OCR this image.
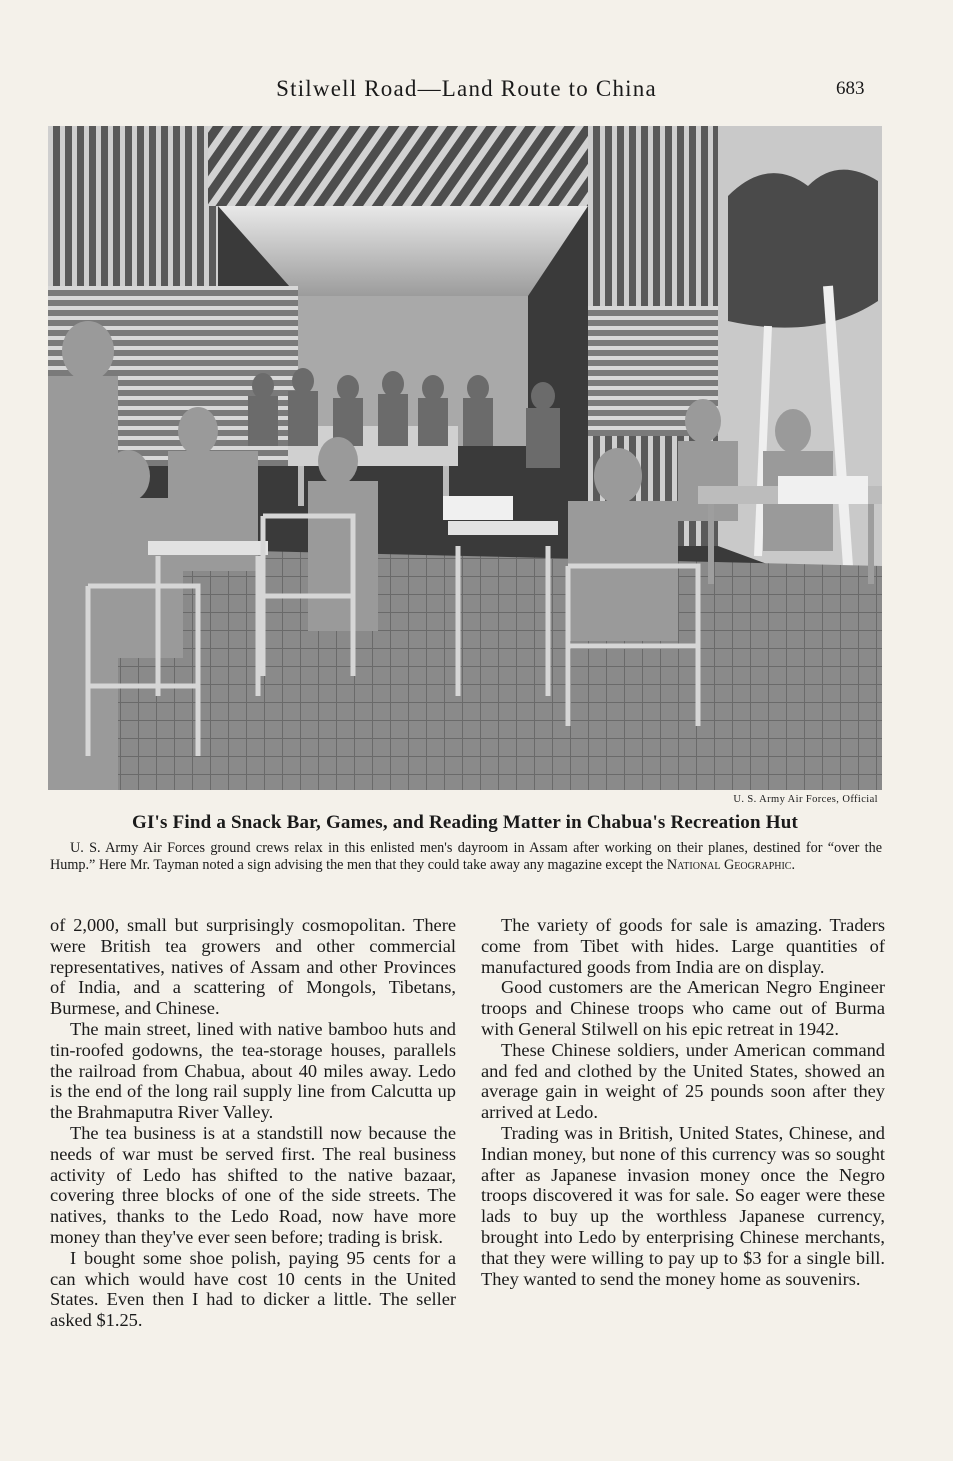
Stilwell Road—Land Route to China	683
U. S. Army Air Forces, Official
GI's Find a Snack Bar, Games, and Reading Matter in Chabua's Recreation Hut

U. S. Army Air Forces ground crews relax in this enlisted men's dayroom in Assam after working on their planes, destined for “over the Hump.” Here Mr. Tayman noted a sign advising the men that they could take away any magazine except the National Geographic.

of 2,000, small but surprisingly cosmopolitan. There were British tea growers and other commercial representatives, natives of Assam and other Provinces of India, and a scattering of Mongols, Tibetans, Burmese, and Chinese.

The main street, lined with native bamboo huts and tin-roofed godowns, the tea-storage houses, parallels the railroad from Chabua, about 40 miles away. Ledo is the end of the long rail supply line from Calcutta up the Brahmaputra River Valley.

The tea business is at a standstill now because the needs of war must be served first. The real business activity of Ledo has shifted to the native bazaar, covering three blocks of one of the side streets. The natives, thanks to the Ledo Road, now have more money than they've ever seen before; trading is brisk.

I bought some shoe polish, paying 95 cents for a can which would have cost 10 cents in the United States. Even then I had to dicker a little. The seller asked $1.25.

The variety of goods for sale is amazing. Traders come from Tibet with hides. Large quantities of manufactured goods from India are on display.

Good customers are the American Negro Engineer troops and Chinese troops who came out of Burma with General Stilwell on his epic retreat in 1942.

These Chinese soldiers, under American command and fed and clothed by the United States, showed an average gain in weight of 25 pounds soon after they arrived at Ledo.

Trading was in British, United States, Chinese, and Indian money, but none of this currency was so sought after as Japanese invasion money once the Negro troops discovered it was for sale. So eager were these lads to buy up the worthless Japanese currency, brought into Ledo by enterprising Chinese merchants, that they were willing to pay up to $3 for a single bill. They wanted to send the money home as souvenirs.
